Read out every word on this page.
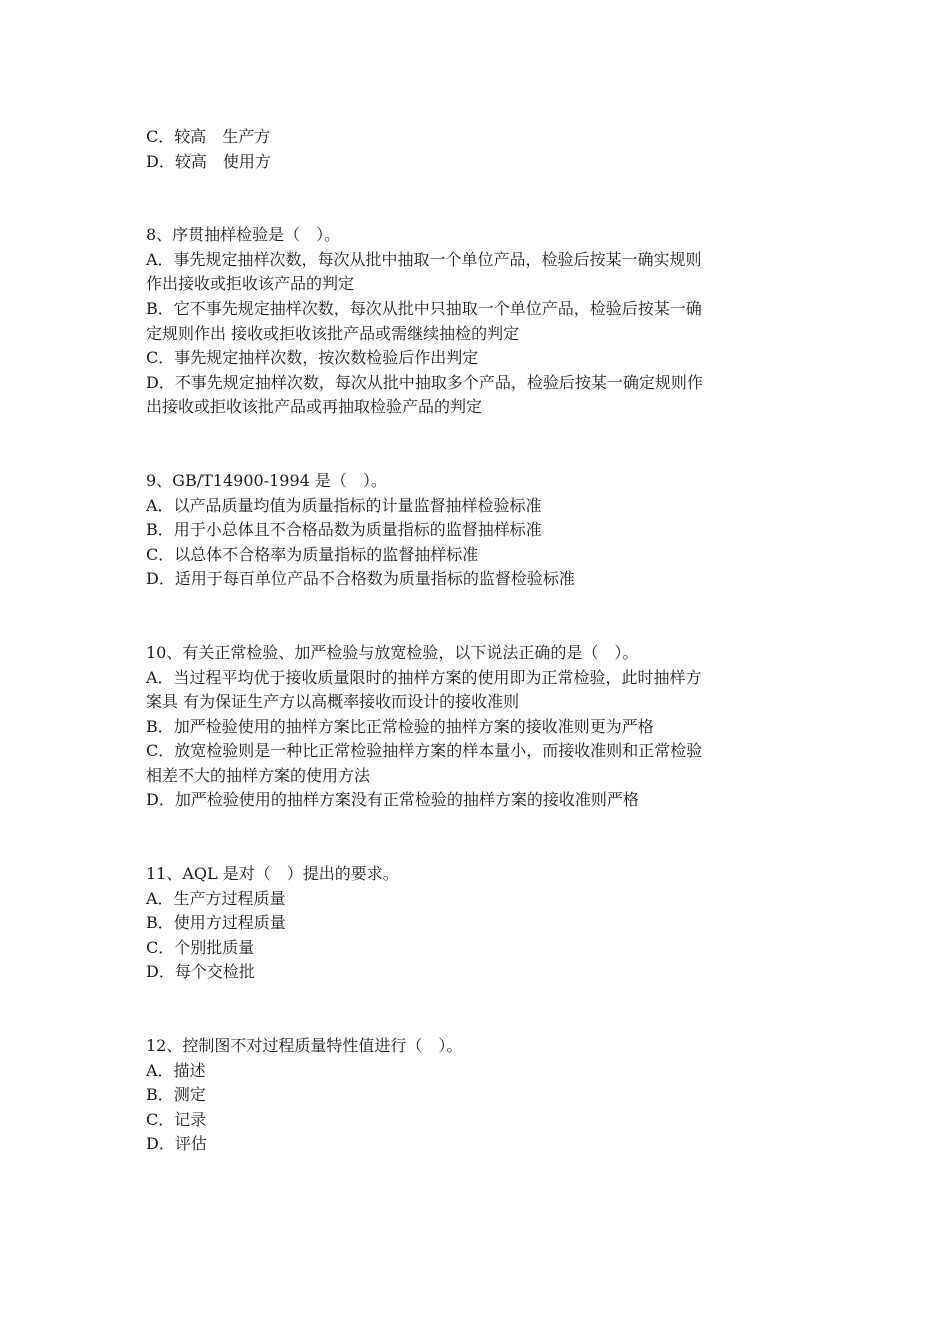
C．较高　生产方

D．较高　使用方

8、序贯抽样检验是（　）。

A．事先规定抽样次数，每次从批中抽取一个单位产品，检验后按某一确实规则

作出接收或拒收该产品的判定

B．它不事先规定抽样次数，每次从批中只抽取一个单位产品，检验后按某一确

定规则作出 接收或拒收该批产品或需继续抽检的判定

C．事先规定抽样次数，按次数检验后作出判定

D．不事先规定抽样次数，每次从批中抽取多个产品，检验后按某一确定规则作

出接收或拒收该批产品或再抽取检验产品的判定

9、GB/T14900-1994 是（　）。

A．以产品质量均值为质量指标的计量监督抽样检验标准

B．用于小总体且不合格品数为质量指标的监督抽样标准

C．以总体不合格率为质量指标的监督抽样标准

D．适用于每百单位产品不合格数为质量指标的监督检验标准

10、有关正常检验、加严检验与放宽检验，以下说法正确的是（　）。

A．当过程平均优于接收质量限时的抽样方案的使用即为正常检验，此时抽样方

案具 有为保证生产方以高概率接收而设计的接收准则

B．加严检验使用的抽样方案比正常检验的抽样方案的接收准则更为严格

C．放宽检验则是一种比正常检验抽样方案的样本量小，而接收准则和正常检验

相差不大的抽样方案的使用方法

D．加严检验使用的抽样方案没有正常检验的抽样方案的接收准则严格

11、AQL 是对（　）提出的要求。

A．生产方过程质量

B．使用方过程质量

C．个别批质量

D．每个交检批

12、控制图不对过程质量特性值进行（　）。

A．描述

B．测定

C．记录

D．评估
